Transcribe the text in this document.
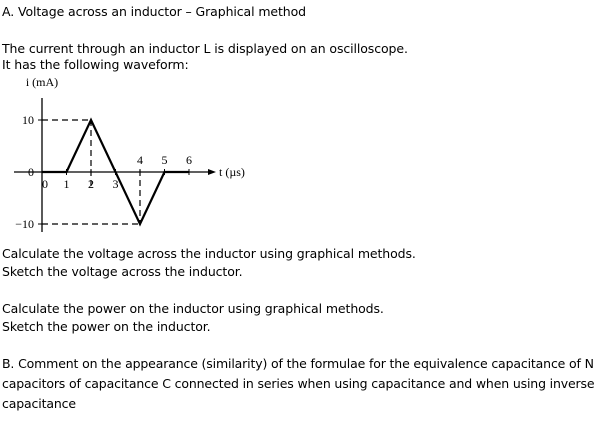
A. Voltage across an inductor – Graphical method
The current through an inductor L is displayed on an oscilloscope.
It has the following waveform:
i (mA)
t (µs)
10
0
−10
0 1 2 3
4 5 6
Calculate the voltage across the inductor using graphical methods.
Sketch the voltage across the inductor.
Calculate the power on the inductor using graphical methods.
Sketch the power on the inductor.
B. Comment on the appearance (similarity) of the formulae for the equivalence capacitance of N capacitors of capacitance C connected in series when using capacitance and when using inverse capacitance
